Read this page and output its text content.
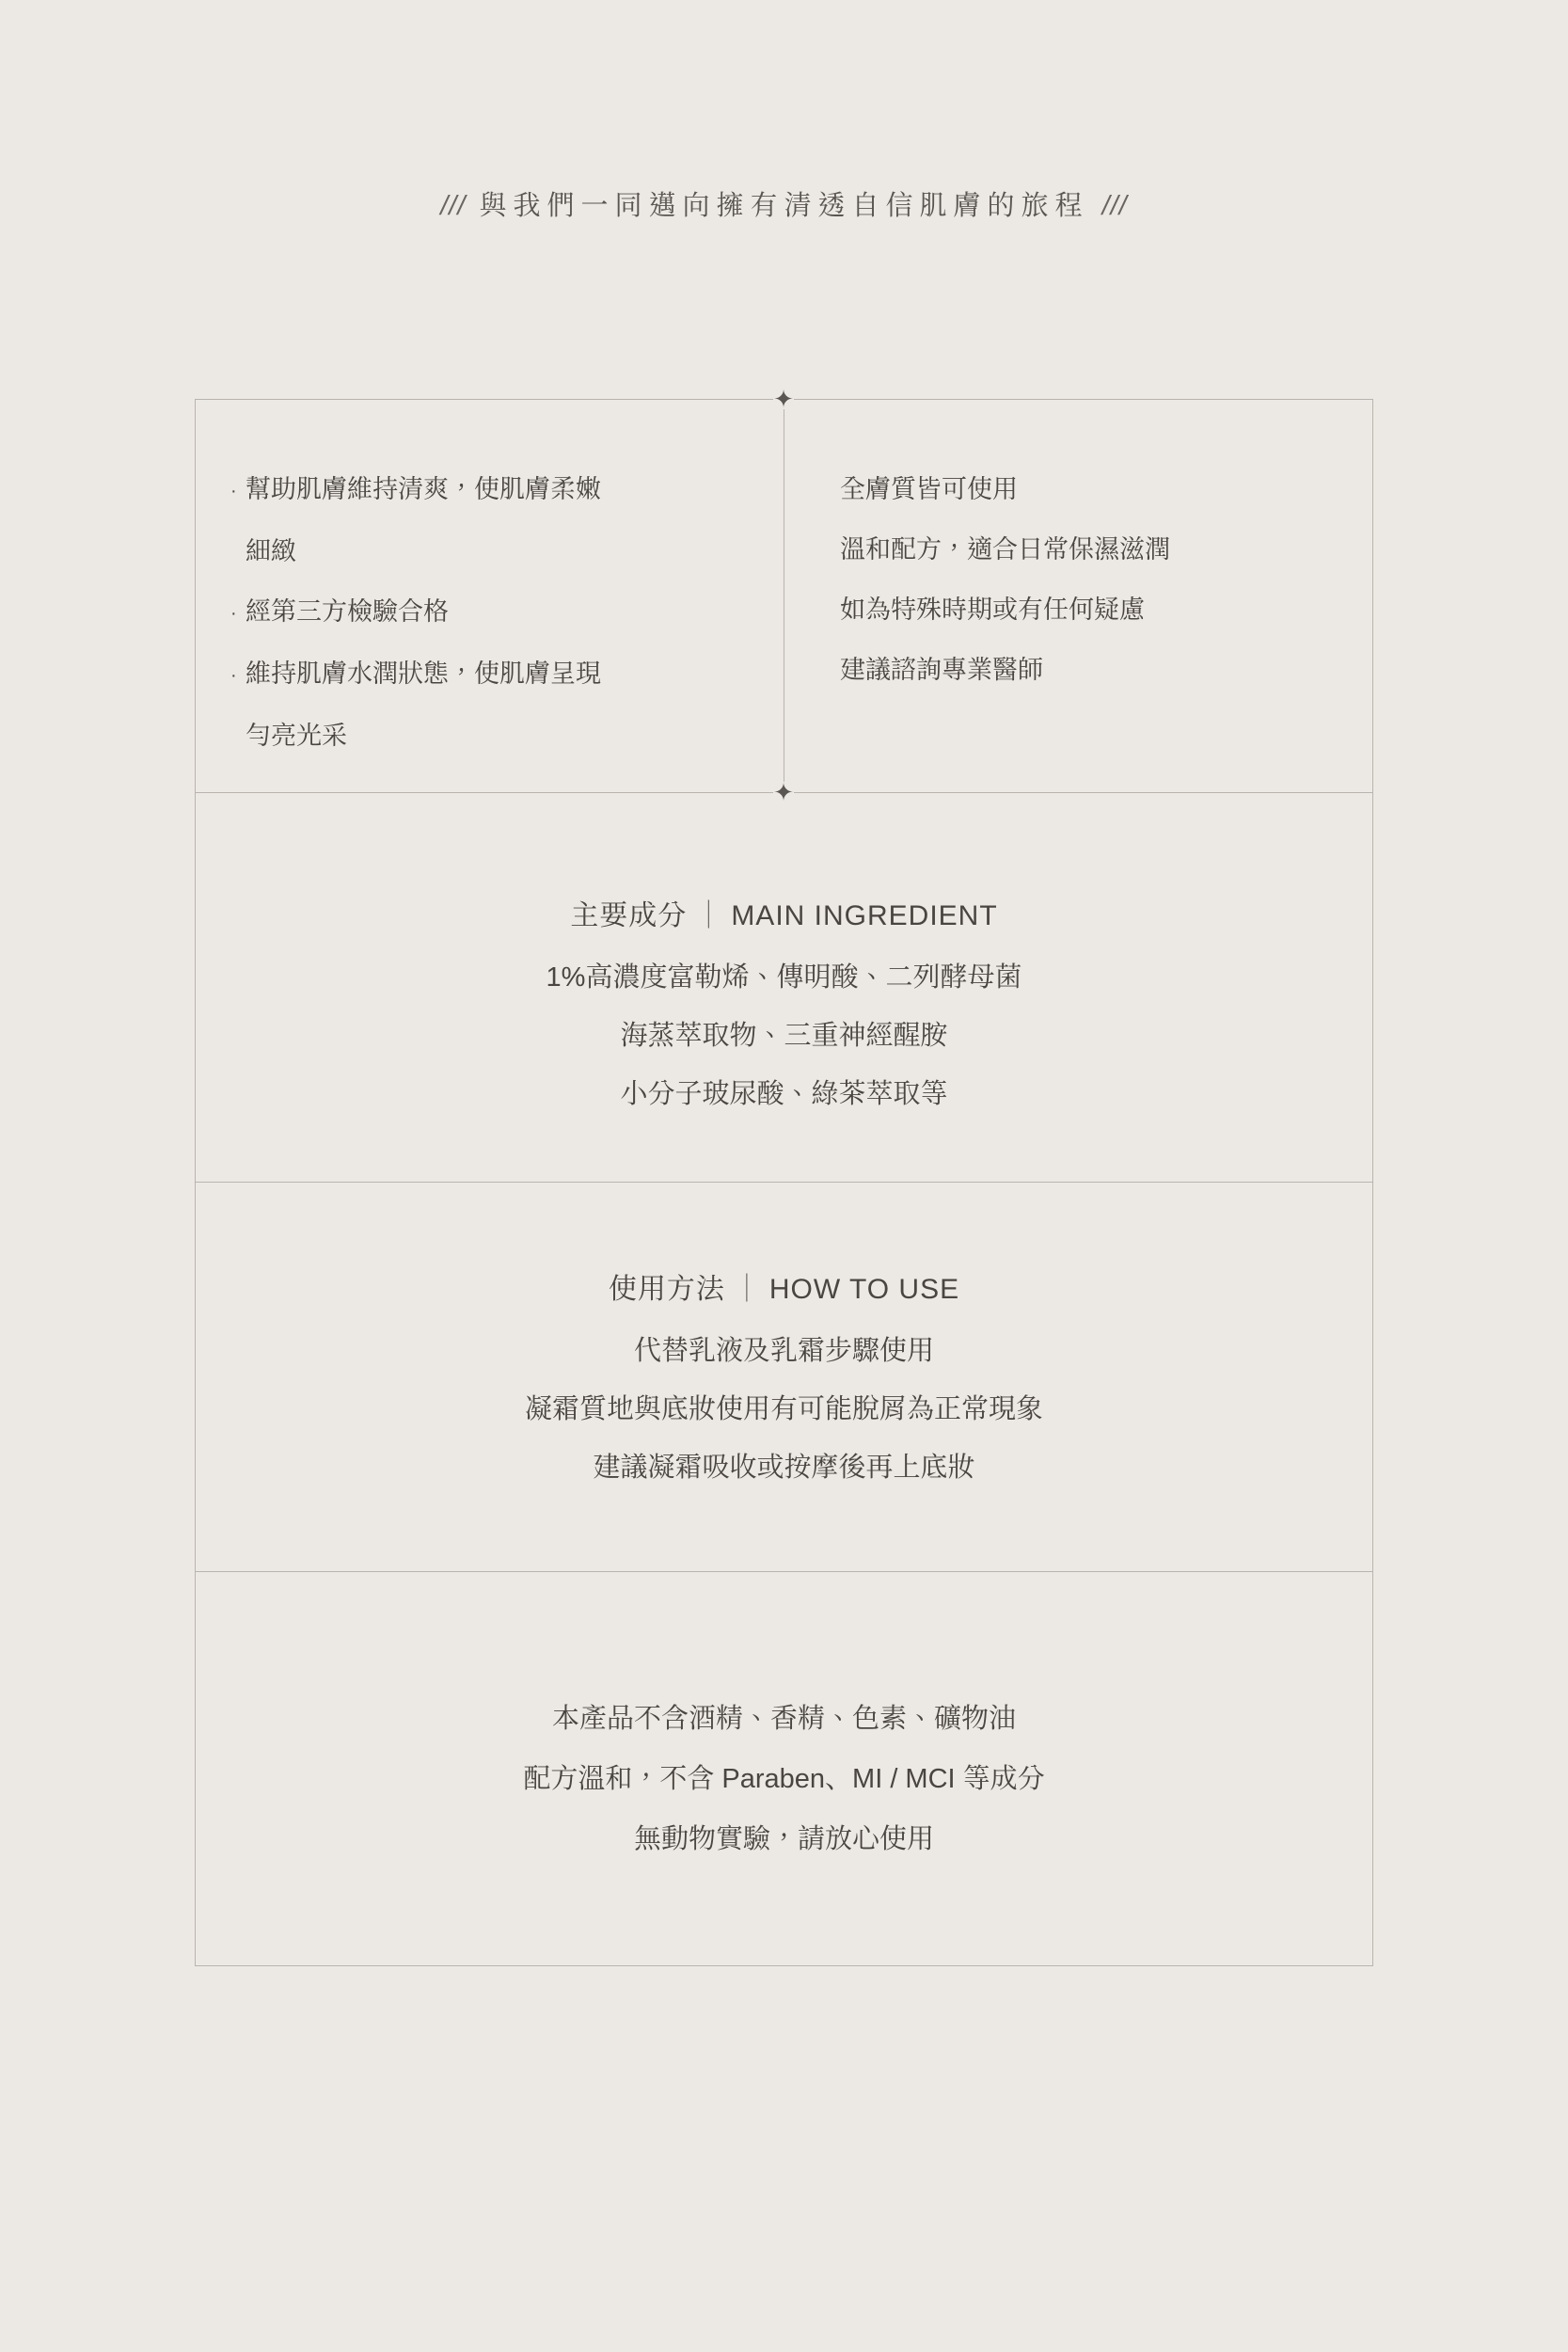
/// 與我們一同邁向擁有清透自信肌膚的旅程 ///
✦
✦
· 幫助肌膚維持清爽，使肌膚柔嫩
細緻
· 經第三方檢驗合格
· 維持肌膚水潤狀態，使肌膚呈現
勻亮光采
全膚質皆可使用
溫和配方，適合日常保濕滋潤
如為特殊時期或有任何疑慮
建議諮詢專業醫師
主要成分 ｜ MAIN INGREDIENT
1%高濃度富勒烯、傳明酸、二列酵母菌
海蒸萃取物、三重神經醒胺
小分子玻尿酸、綠茶萃取等
使用方法 ｜ HOW TO USE
代替乳液及乳霜步驟使用
凝霜質地與底妝使用有可能脫屑為正常現象
建議凝霜吸收或按摩後再上底妝
本產品不含酒精、香精、色素、礦物油
配方溫和，不含 Paraben、MI / MCI 等成分
無動物實驗，請放心使用
